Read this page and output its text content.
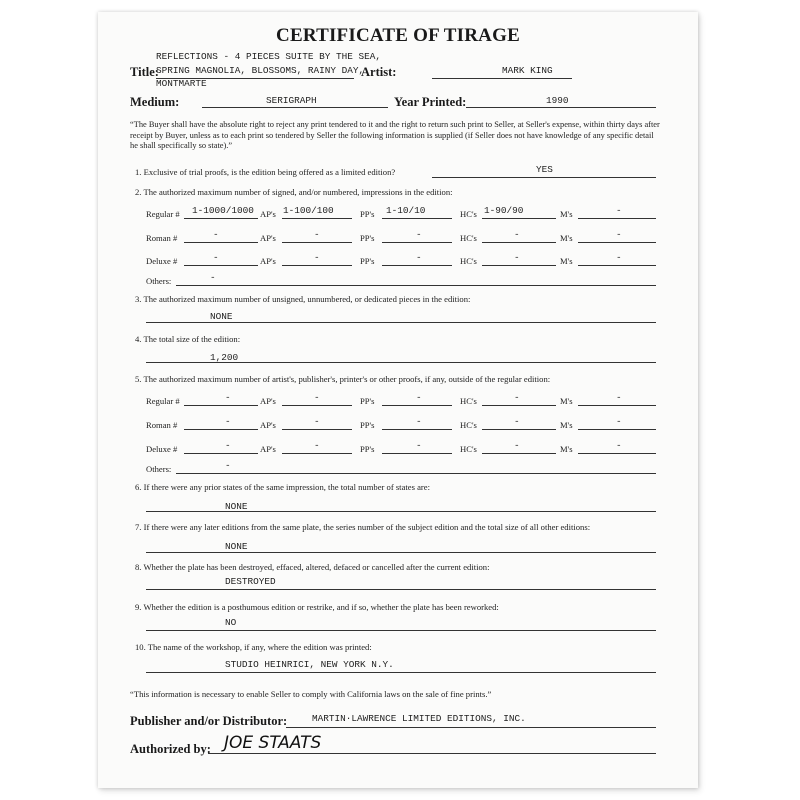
CERTIFICATE OF TIRAGE
REFLECTIONS - 4 PIECES SUITE BY THE SEA,
Title:
SPRING MAGNOLIA, BLOSSOMS, RAINY DAY,
MONTMARTE
Artist:	MARK KING
Medium:	SERIGRAPH	Year Printed:	1990
“The Buyer shall have the absolute right to reject any print tendered to it and the right to return such print to Seller, at Seller's expense, within thirty days after receipt by Buyer, unless as to each print so tendered by Seller the following information is supplied (if Seller does not have knowledge of any specific detail he shall specifically so state).”
1. Exclusive of trial proofs, is the edition being offered as a limited edition?	YES
2. The authorized maximum number of signed, and/or numbered, impressions in the edition:
Regular # 1-1000/1000 AP's 1-100/100	PP's 1-10/10	HC's 1-90/90	M's	-
Roman #	-	AP's	-	PP's	-	HC's	-	M's	-
Deluxe #	-	AP's	-	PP's	-	HC's	-	M's	-
Others:	-
3. The authorized maximum number of unsigned, unnumbered, or dedicated pieces in the edition:
NONE
4. The total size of the edition:
1,200
5. The authorized maximum number of artist's, publisher's, printer's or other proofs, if any, outside of the regular edition:
Regular #	-	AP's	-	PP's	-	HC's	-	M's	-
Roman #	-	AP's	-	PP's	-	HC's	-	M's	-
Deluxe #	-	AP's	-	PP's	-	HC's	-	M's	-
Others:	-
6. If there were any prior states of the same impression, the total number of states are:
NONE
7. If there were any later editions from the same plate, the series number of the subject edition and the total size of all other editions:
NONE
8. Whether the plate has been destroyed, effaced, altered, defaced or cancelled after the current edition:
DESTROYED
9. Whether the edition is a posthumous edition or restrike, and if so, whether the plate has been reworked:
NO
10. The name of the workshop, if any, where the edition was printed:
STUDIO HEINRICI, NEW YORK N.Y.
“This information is necessary to enable Seller to comply with California laws on the sale of fine prints.”
Publisher and/or Distributor:	MARTIN·LAWRENCE LIMITED EDITIONS, INC.
Authorized by: JOE STAATS
